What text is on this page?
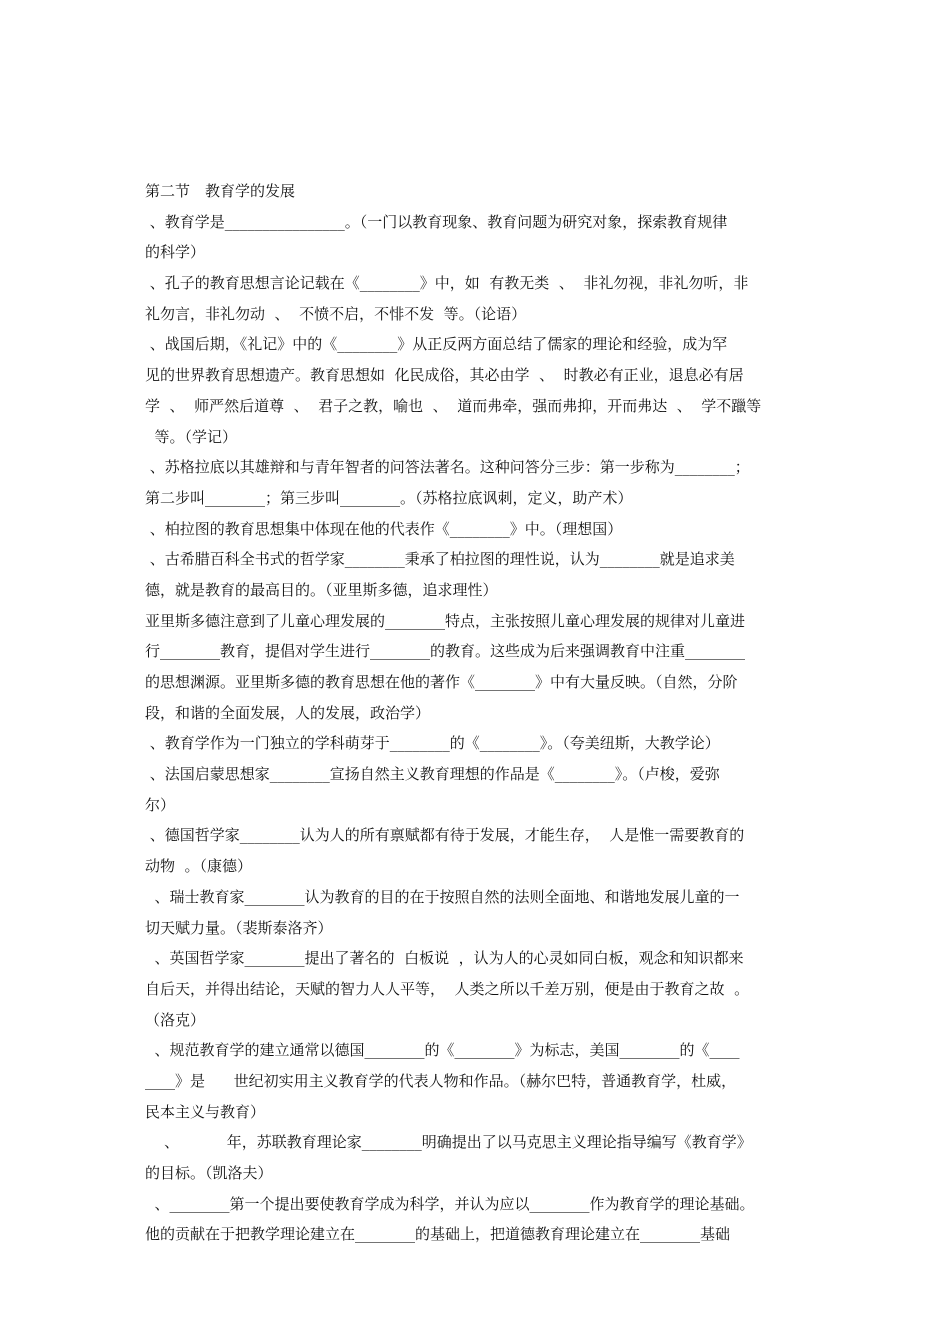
第二节　教育学的发展
、教育学是________________。（一门以教育现象、教育问题为研究对象，探索教育规律
的科学）
、孔子的教育思想言论记载在《________》中，如  有教无类  、  非礼勿视，非礼勿听，非
礼勿言，非礼勿动  、  不愤不启，不悱不发  等。（论语）
、战国后期，《礼记》中的《________》从正反两方面总结了儒家的理论和经验，成为罕
见的世界教育思想遗产。教育思想如  化民成俗，其必由学  、  时教必有正业，退息必有居
学  、  师严然后道尊  、  君子之教，喻也  、  道而弗牵，强而弗抑，开而弗达  、  学不躐等
等。（学记）
、苏格拉底以其雄辩和与青年智者的问答法著名。这种问答分三步：第一步称为________；
第二步叫________；第三步叫________。（苏格拉底讽刺，定义，助产术）
、柏拉图的教育思想集中体现在他的代表作《________》中。（理想国）
、古希腊百科全书式的哲学家________秉承了柏拉图的理性说，认为________就是追求美
德，就是教育的最高目的。（亚里斯多德，追求理性）
亚里斯多德注意到了儿童心理发展的________特点，主张按照儿童心理发展的规律对儿童进
行________教育，提倡对学生进行________的教育。这些成为后来强调教育中注重________
的思想渊源。亚里斯多德的教育思想在他的著作《________》中有大量反映。（自然，分阶
段，和谐的全面发展，人的发展，政治学）
、教育学作为一门独立的学科萌芽于________的《________》。（夸美纽斯，大教学论）
、法国启蒙思想家________宣扬自然主义教育理想的作品是《________》。（卢梭，爱弥
尔）
、德国哲学家________认为人的所有禀赋都有待于发展，才能生存，  人是惟一需要教育的
动物  。（康德）
、瑞士教育家________认为教育的目的在于按照自然的法则全面地、和谐地发展儿童的一
切天赋力量。（裴斯泰洛齐）
、英国哲学家________提出了著名的  白板说  ，认为人的心灵如同白板，观念和知识都来
自后天，并得出结论，天赋的智力人人平等，  人类之所以千差万别，便是由于教育之故  。
（洛克）
、规范教育学的建立通常以德国________的《________》为标志，美国________的《____
____》是      世纪初实用主义教育学的代表人物和作品。（赫尔巴特，普通教育学，杜威，
民本主义与教育）
、          年，苏联教育理论家________明确提出了以马克思主义理论指导编写《教育学》
的目标。（凯洛夫）
、________第一个提出要使教育学成为科学，并认为应以________作为教育学的理论基础。
他的贡献在于把教学理论建立在________的基础上，把道德教育理论建立在________基础
